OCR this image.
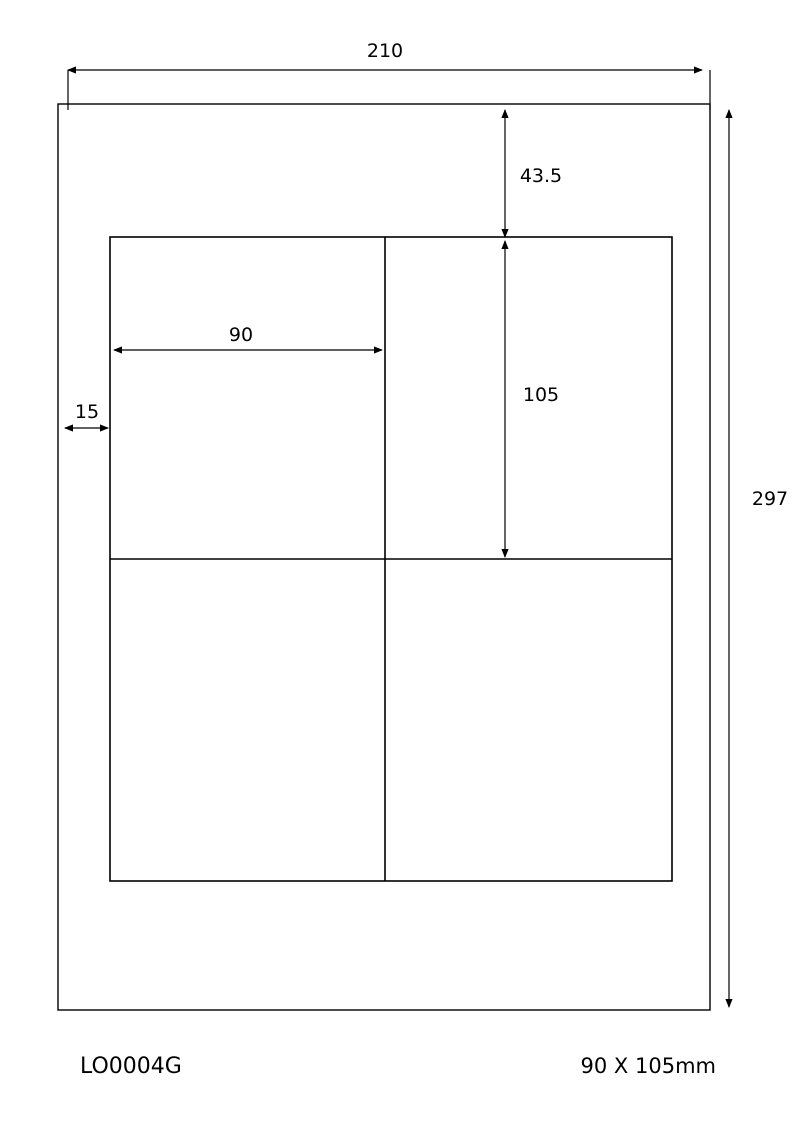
210
297
43.5
105
90
15
LO0004G	90 X 105mm
